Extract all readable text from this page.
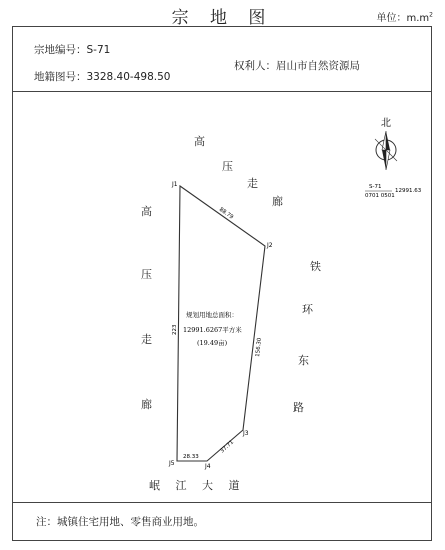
宗 地 图	单位：$m.m^2$
宗地编号：S-71
地籍图号：3328.40-498.50
权利人：眉山市自然资源局
J1
J2
J3
J4
J5
88.79
156.30
37.71
28.33
223
规划用地总面积：
12991.6267平方米
(19.49亩)
北
S-71
0701 0501
12991.63
高
压
走
廊
高
压
走
廊
铁
环
东
路
岷 江 大 道
注：城镇住宅用地、零售商业用地。
